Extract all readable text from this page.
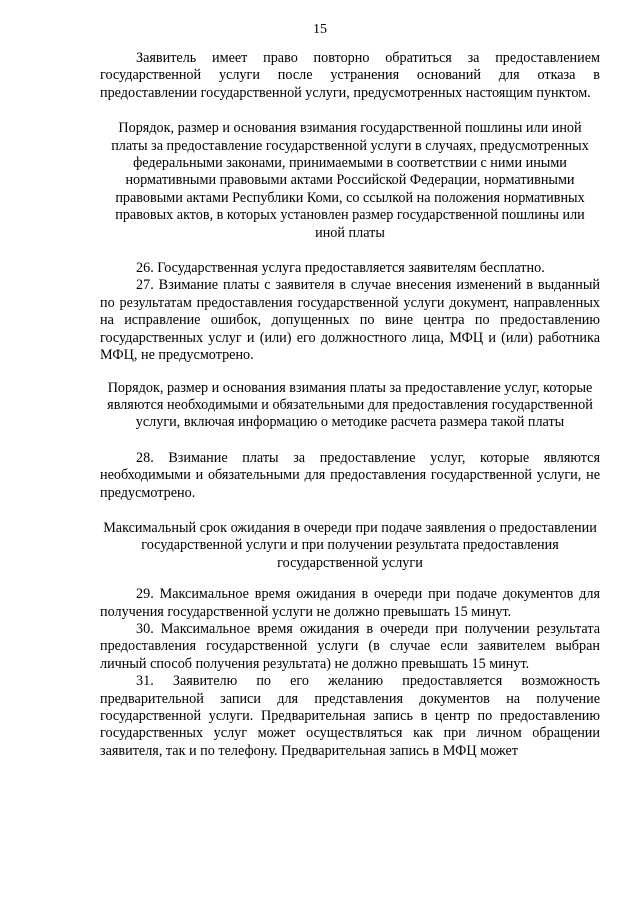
15

Заявитель имеет право повторно обратиться за предоставлением государственной услуги после устранения оснований для отказа в предоставлении государственной услуги, предусмотренных настоящим пунктом.

Порядок, размер и основания взимания государственной пошлины или иной платы за предоставление государственной услуги в случаях, предусмотренных федеральными законами, принимаемыми в соответствии с ними иными нормативными правовыми актами Российской Федерации, нормативными правовыми актами Республики Коми, со ссылкой на положения нормативных правовых актов, в которых установлен размер государственной пошлины или иной платы

26. Государственная услуга предоставляется заявителям бесплатно.

27. Взимание платы с заявителя в случае внесения изменений в выданный по результатам предоставления государственной услуги документ, направленных на исправление ошибок, допущенных по вине центра по предоставлению государственных услуг и (или) его должностного лица, МФЦ и (или) работника МФЦ, не предусмотрено.

Порядок, размер и основания взимания платы за предоставление услуг, которые являются необходимыми и обязательными для предоставления государственной услуги, включая информацию о методике расчета размера такой платы

28. Взимание платы за предоставление услуг, которые являются необходимыми и обязательными для предоставления государственной услуги, не предусмотрено.

Максимальный срок ожидания в очереди при подаче заявления о предоставлении государственной услуги и при получении результата предоставления государственной услуги

29. Максимальное время ожидания в очереди при подаче документов для получения государственной услуги не должно превышать 15 минут.

30. Максимальное время ожидания в очереди при получении результата предоставления государственной услуги (в случае если заявителем выбран личный способ получения результата) не должно превышать 15 минут.

31. Заявителю по его желанию предоставляется возможность предварительной записи для представления документов на получение государственной услуги. Предварительная запись в центр по предоставлению государственных услуг может осуществляться как при личном обращении заявителя, так и по телефону. Предварительная запись в МФЦ может
